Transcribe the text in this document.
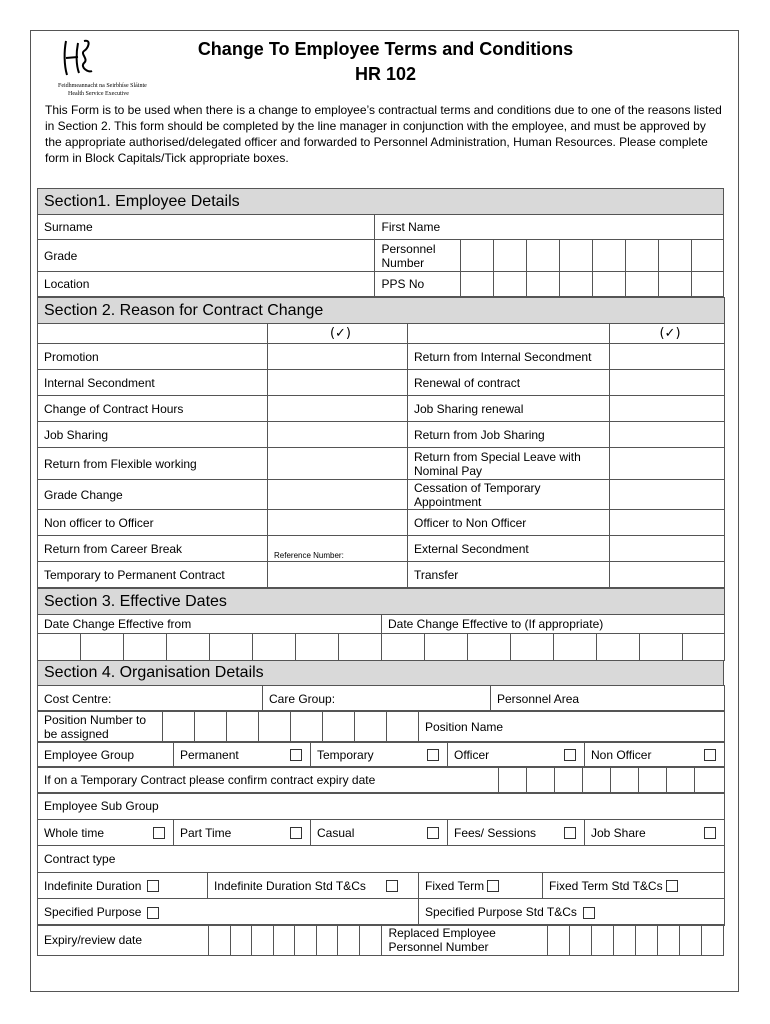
Feidhmeannacht na Seirbhíse Sláinte
Health Service Executive
Change To Employee Terms and Conditions
HR 102
This Form is to be used when there is a change to employee’s contractual terms and conditions due to one of the reasons listed in Section 2. This form should be completed by the line manager in conjunction with the employee, and must be approved by the appropriate authorised/delegated officer and forwarded to Personnel Administration, Human Resources. Please complete form in Block Capitals/Tick appropriate boxes.
Section1. Employee Details									
Surname	First Name								
Grade	Personnel Number								
Location	PPS No								
Section 2. Reason for Contract Change			
	(✓)		(✓)
Promotion		Return from Internal Secondment	
Internal Secondment		Renewal of contract	
Change of Contract Hours		Job Sharing renewal	
Job Sharing		Return from Job Sharing	
Return from Flexible working		Return from Special Leave with Nominal Pay	
Grade Change		Cessation of Temporary Appointment	
Non officer to Officer		Officer to Non Officer	
Return from Career Break	$_{Reference Number:}$	External Secondment	
Temporary to Permanent Contract		Transfer	
Section 3. Effective Dates															
Date Change Effective from								Date Change Effective to (If appropriate)							

Section 4. Organisation Details
Cost Centre:	Care Group:	Personnel Area
Position Number to be assigned									Position Name
Employee Group	Permanent	Temporary	Officer	Non Officer
If on a Temporary Contract please confirm contract expiry date								
Employee Sub Group
Whole time	Part Time	Casual	Fees/ Sessions	Job Share

Contract type
Indefinite Duration	Indefinite Duration Std T&Cs	Fixed Term	Fixed Term Std T&Cs
Specified Purpose	Specified Purpose Std T&Cs
Expiry/review date									Replaced Employee Personnel Number								
